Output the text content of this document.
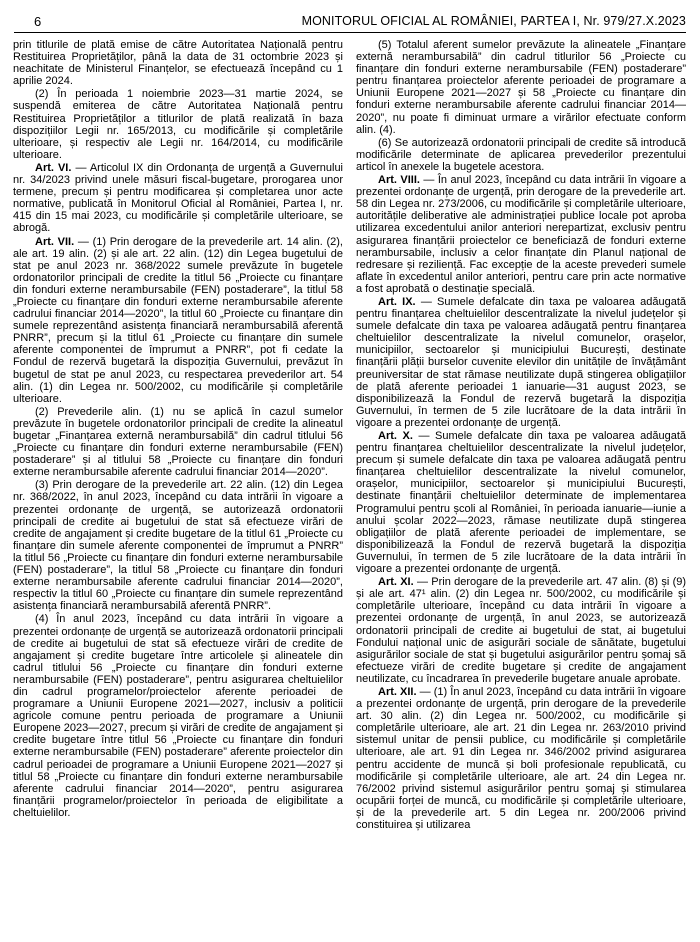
6	MONITORUL OFICIAL AL ROMÂNIEI, PARTEA I, Nr. 979/27.X.2023

prin titlurile de plată emise de către Autoritatea Națională pentru Restituirea Proprietăților, până la data de 31 octombrie 2023 și neachitate de Ministerul Finanțelor, se efectuează începând cu 1 aprilie 2024.

(2) În perioada 1 noiembrie 2023—31 martie 2024, se suspendă emiterea de către Autoritatea Națională pentru Restituirea Proprietăților a titlurilor de plată realizată în baza dispozițiilor Legii nr. 165/2013, cu modificările și completările ulterioare, și respectiv ale Legii nr. 164/2014, cu modificările ulterioare.

Art. VI. — Articolul IX din Ordonanța de urgență a Guvernului nr. 34/2023 privind unele măsuri fiscal-bugetare, prorogarea unor termene, precum și pentru modificarea și completarea unor acte normative, publicată în Monitorul Oficial al României, Partea I, nr. 415 din 15 mai 2023, cu modificările și completările ulterioare, se abrogă.

Art. VII. — (1) Prin derogare de la prevederile art. 14 alin. (2), ale art. 19 alin. (2) și ale art. 22 alin. (12) din Legea bugetului de stat pe anul 2023 nr. 368/2022 sumele prevăzute în bugetele ordonatorilor principali de credite la titlul 56 „Proiecte cu finanțare din fonduri externe nerambursabile (FEN) postaderare”, la titlul 58 „Proiecte cu finanțare din fonduri externe nerambursabile aferente cadrului financiar 2014—2020”, la titlul 60 „Proiecte cu finanțare din sumele reprezentând asistența financiară nerambursabilă aferentă PNRR”, precum și la titlul 61 „Proiecte cu finanțare din sumele aferente componentei de împrumut a PNRR”, pot fi cedate la Fondul de rezervă bugetară la dispoziția Guvernului, prevăzut în bugetul de stat pe anul 2023, cu respectarea prevederilor art. 54 alin. (1) din Legea nr. 500/2002, cu modificările și completările ulterioare.

(2) Prevederile alin. (1) nu se aplică în cazul sumelor prevăzute în bugetele ordonatorilor principali de credite la alineatul bugetar „Finanțarea externă nerambursabilă” din cadrul titlului 56 „Proiecte cu finanțare din fonduri externe nerambursabile (FEN) postaderare” și al titlului 58 „Proiecte cu finanțare din fonduri externe nerambursabile aferente cadrului financiar 2014—2020”.

(3) Prin derogare de la prevederile art. 22 alin. (12) din Legea nr. 368/2022, în anul 2023, începând cu data intrării în vigoare a prezentei ordonanțe de urgență, se autorizează ordonatorii principali de credite ai bugetului de stat să efectueze virări de credite de angajament și credite bugetare de la titlul 61 „Proiecte cu finanțare din sumele aferente componentei de împrumut a PNRR” la titlul 56 „Proiecte cu finanțare din fonduri externe nerambursabile (FEN) postaderare”, la titlul 58 „Proiecte cu finanțare din fonduri externe nerambursabile aferente cadrului financiar 2014—2020”, respectiv la titlul 60 „Proiecte cu finanțare din sumele reprezentând asistența financiară nerambursabilă aferentă PNRR”.

(4) În anul 2023, începând cu data intrării în vigoare a prezentei ordonanțe de urgență se autorizează ordonatorii principali de credite ai bugetului de stat să efectueze virări de credite de angajament și credite bugetare între articolele și alineatele din cadrul titlului 56 „Proiecte cu finanțare din fonduri externe nerambursabile (FEN) postaderare”, pentru asigurarea cheltuielilor din cadrul programelor/proiectelor aferente perioadei de programare a Uniunii Europene 2021—2027, inclusiv a politicii agricole comune pentru perioada de programare a Uniunii Europene 2023—2027, precum și virări de credite de angajament și credite bugetare între titlul 56 „Proiecte cu finanțare din fonduri externe nerambursabile (FEN) postaderare” aferente proiectelor din cadrul perioadei de programare a Uniunii Europene 2021—2027 și titlul 58 „Proiecte cu finanțare din fonduri externe nerambursabile aferente cadrului financiar 2014—2020”, pentru asigurarea finanțării programelor/proiectelor în perioada de eligibilitate a cheltuielilor.

(5) Totalul aferent sumelor prevăzute la alineatele „Finanțare externă nerambursabilă” din cadrul titlurilor 56 „Proiecte cu finanțare din fonduri externe nerambursabile (FEN) postaderare” pentru finanțarea proiectelor aferente perioadei de programare a Uniunii Europene 2021—2027 și 58 „Proiecte cu finanțare din fonduri externe nerambursabile aferente cadrului financiar 2014—2020”, nu poate fi diminuat urmare a virărilor efectuate conform alin. (4).

(6) Se autorizează ordonatorii principali de credite să introducă modificările determinate de aplicarea prevederilor prezentului articol în anexele la bugetele acestora.

Art. VIII. — În anul 2023, începând cu data intrării în vigoare a prezentei ordonanțe de urgență, prin derogare de la prevederile art. 58 din Legea nr. 273/2006, cu modificările și completările ulterioare, autoritățile deliberative ale administrației publice locale pot aproba utilizarea excedentului anilor anteriori nerepartizat, exclusiv pentru asigurarea finanțării proiectelor ce beneficiază de fonduri externe nerambursabile, inclusiv a celor finanțate din Planul național de redresare și reziliență. Fac excepție de la aceste prevederi sumele aflate în excedentul anilor anteriori, pentru care prin acte normative a fost aprobată o destinație specială.

Art. IX. — Sumele defalcate din taxa pe valoarea adăugată pentru finanțarea cheltuielilor descentralizate la nivelul județelor și sumele defalcate din taxa pe valoarea adăugată pentru finanțarea cheltuielilor descentralizate la nivelul comunelor, orașelor, municipiilor, sectoarelor și municipiului București, destinate finanțării plății burselor cuvenite elevilor din unitățile de învățământ preuniversitar de stat rămase neutilizate după stingerea obligațiilor de plată aferente perioadei 1 ianuarie—31 august 2023, se disponibilizează la Fondul de rezervă bugetară la dispoziția Guvernului, în termen de 5 zile lucrătoare de la data intrării în vigoare a prezentei ordonanțe de urgență.

Art. X. — Sumele defalcate din taxa pe valoarea adăugată pentru finanțarea cheltuielilor descentralizate la nivelul județelor, precum și sumele defalcate din taxa pe valoarea adăugată pentru finanțarea cheltuielilor descentralizate la nivelul comunelor, orașelor, municipiilor, sectoarelor și municipiului București, destinate finanțării cheltuielilor determinate de implementarea Programului pentru școli al României, în perioada ianuarie—iunie a anului școlar 2022—2023, rămase neutilizate după stingerea obligațiilor de plată aferente perioadei de implementare, se disponibilizează la Fondul de rezervă bugetară la dispoziția Guvernului, în termen de 5 zile lucrătoare de la data intrării în vigoare a prezentei ordonanțe de urgență.

Art. XI. — Prin derogare de la prevederile art. 47 alin. (8) și (9) și ale art. 47¹ alin. (2) din Legea nr. 500/2002, cu modificările și completările ulterioare, începând cu data intrării în vigoare a prezentei ordonanțe de urgență, în anul 2023, se autorizează ordonatorii principali de credite ai bugetului de stat, ai bugetului Fondului național unic de asigurări sociale de sănătate, bugetului asigurărilor sociale de stat și bugetului asigurărilor pentru șomaj să efectueze virări de credite bugetare și credite de angajament neutilizate, cu încadrarea în prevederile bugetare anuale aprobate.

Art. XII. — (1) În anul 2023, începând cu data intrării în vigoare a prezentei ordonanțe de urgență, prin derogare de la prevederile art. 30 alin. (2) din Legea nr. 500/2002, cu modificările și completările ulterioare, ale art. 21 din Legea nr. 263/2010 privind sistemul unitar de pensii publice, cu modificările și completările ulterioare, ale art. 91 din Legea nr. 346/2002 privind asigurarea pentru accidente de muncă și boli profesionale republicată, cu modificările și completările ulterioare, ale art. 24 din Legea nr. 76/2002 privind sistemul asigurărilor pentru șomaj și stimularea ocupării forței de muncă, cu modificările și completările ulterioare, și de la prevederile art. 5 din Legea nr. 200/2006 privind constituirea și utilizarea
